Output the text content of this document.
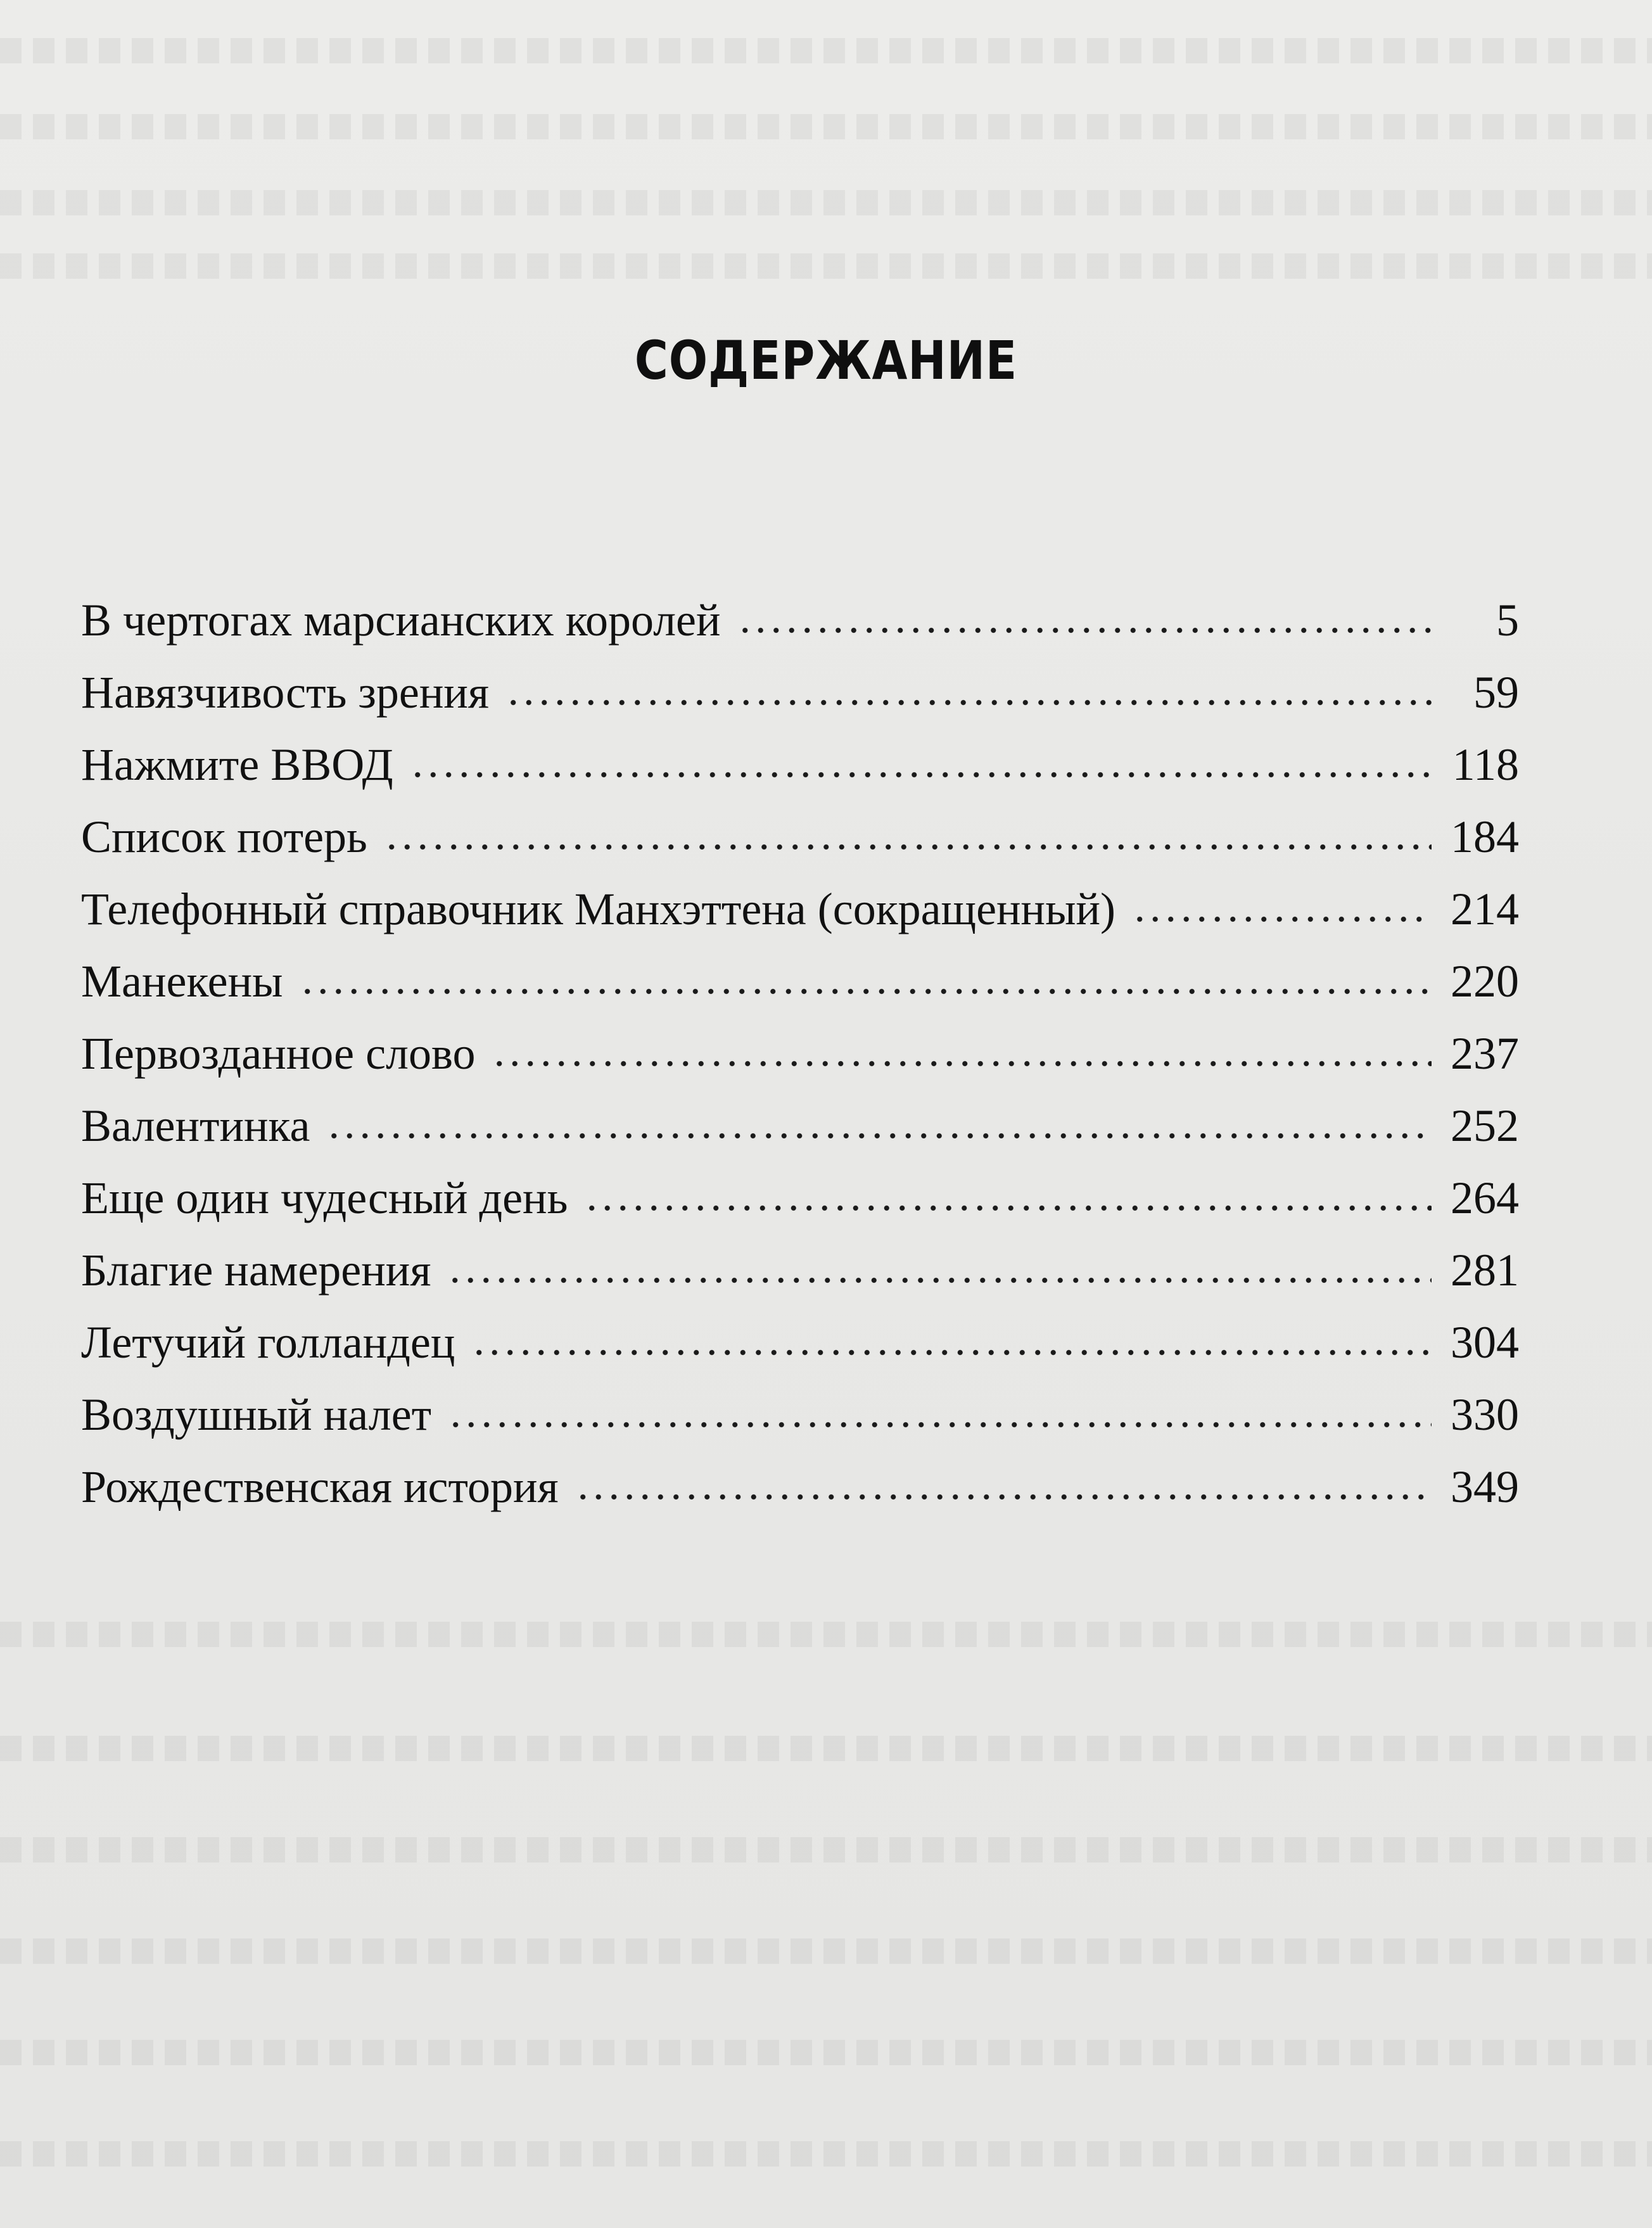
СОДЕРЖАНИЕ
В чертогах марсианских королей	5
Навязчивость зрения	59
Нажмите ВВОД	118
Список потерь	184
Телефонный справочник Манхэттена (сокращенный)	214
Манекены	220
Первозданное слово	237
Валентинка	252
Еще один чудесный день	264
Благие намерения	281
Летучий голландец	304
Воздушный налет	330
Рождественская история	349
